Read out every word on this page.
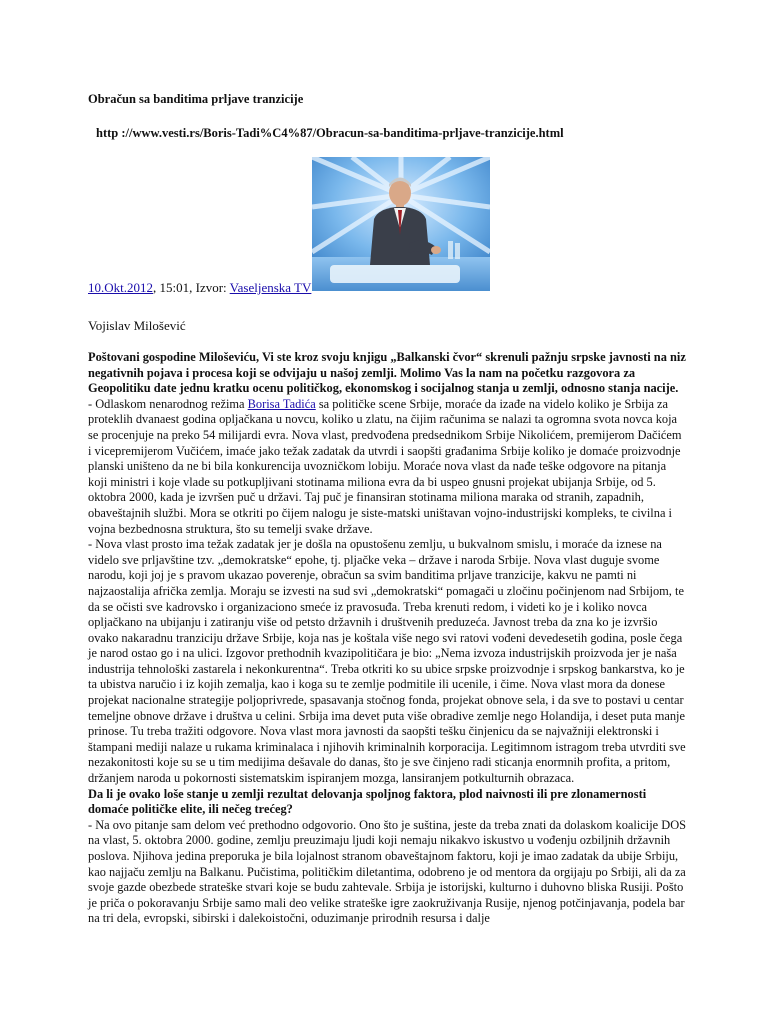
Obračun sa banditima prljave tranzicije
http ://www.vesti.rs/Boris-Tadi%C4%87/Obracun-sa-banditima-prljave-tranzicije.html
10.Okt.2012, 15:01, Izvor: Vaseljenska TV
Vojislav Milošević

Poštovani gospodine Miloševiću, Vi ste kroz svoju knjigu „Balkanski čvor“ skrenuli pažnju srpske javnosti na niz negativnih pojava i procesa koji se odvijaju u našoj zemlji. Molimo Vas la nam na početku razgovora za Geopolitiku date jednu kratku ocenu političkog, ekonomskog i socijalnog stanja u zemlji, odnosno stanja nacije.

- Odlaskom nenarodnog režima Borisa Tadića sa političke scene Srbije, moraće da izađe na videlo koliko je Srbija za proteklih dvanaest godina opljačkana u novcu, koliko u zlatu, na čijim računima se nalazi ta ogromna svota novca koja se procenjuje na preko 54 milijardi evra. Nova vlast, predvođena predsednikom Srbije Nikolićem, premijerom Dačićem i vicepremijerom Vučićem, imaće jako težak zadatak da utvrdi i saopšti građanima Srbije koliko je domaće proizvodnje planski uništeno da ne bi bila konkurencija uvozničkom lobiju. Moraće nova vlast da nađe teške odgovore na pitanja koji ministri i koje vlade su potkupljivani stotinama miliona evra da bi uspeo gnusni projekat ubijanja Srbije, od 5. oktobra 2000, kada je izvršen puč u državi. Taj puč je finansiran stotinama miliona maraka od stranih, zapadnih, obaveštajnih službi. Mora se otkriti po čijem nalogu je siste-matski uništavan vojno-industrijski kompleks, te civilna i vojna bezbednosna struktura, što su temelji svake države.

- Nova vlast prosto ima težak zadatak jer je došla na opustošenu zemlju, u bukvalnom smislu, i moraće da iznese na videlo sve prljavštine tzv. „demokratske“ epohe, tj. pljačke veka – države i naroda Srbije. Nova vlast duguje svome narodu, koji joj je s pravom ukazao poverenje, obračun sa svim banditima prljave tranzicije, kakvu ne pamti ni najzaostalija afrička zemlja. Moraju se izvesti na sud svi „demokratski“ pomagači u zločinu počinjenom nad Srbijom, te da se očisti sve kadrovsko i organizaciono smeće iz pravosuđa. Treba krenuti redom, i videti ko je i koliko novca opljačkano na ubijanju i zatiranju više od petsto državnih i društvenih preduzeća. Javnost treba da zna ko je izvršio ovako nakaradnu tranziciju države Srbije, koja nas je koštala više nego svi ratovi vođeni devedesetih godina, posle čega je narod ostao go i na ulici. Izgovor prethodnih kvazipolitičara je bio: „Nema izvoza industrijskih proizvoda jer je naša industrija tehnološki zastarela i nekonkurentna“. Treba otkriti ko su ubice srpske proizvodnje i srpskog bankarstva, ko je ta ubistva naručio i iz kojih zemalja, kao i koga su te zemlje podmitile ili ucenile, i čime. Nova vlast mora da donese projekat nacionalne strategije poljoprivrede, spasavanja stočnog fonda, projekat obnove sela, i da sve to postavi u centar temeljne obnove države i društva u celini. Srbija ima devet puta više obradive zemlje nego Holandija, i deset puta manje prinose. Tu treba tražiti odgovore. Nova vlast mora javnosti da saopšti tešku činjenicu da se najvažniji elektronski i štampani mediji nalaze u rukama kriminalaca i njihovih kriminalnih korporacija. Legitimnom istragom treba utvrditi sve nezakonitosti koje su se u tim medijima dešavale do danas, što je sve činjeno radi sticanja enormnih profita, a pritom, držanjem naroda u pokornosti sistematskim ispiranjem mozga, lansiranjem potkulturnih obrazaca.

Da li je ovako loše stanje u zemlji rezultat delovanja spoljnog faktora, plod naivnosti ili pre zlonamernosti domaće političke elite, ili nečeg trećeg?

- Na ovo pitanje sam delom već prethodno odgovorio. Ono što je suština, jeste da treba znati da dolaskom koalicije DOS na vlast, 5. oktobra 2000. godine, zemlju preuzimaju ljudi koji nemaju nikakvo iskustvo u vođenju ozbiljnih državnih poslova. Njihova jedina preporuka je bila lojalnost stranom obaveštajnom faktoru, koji je imao zadatak da ubije Srbiju, kao najjaču zemlju na Balkanu. Pučistima, političkim diletantima, odobreno je od mentora da orgijaju po Srbiji, ali da za svoje gazde obezbede strateške stvari koje se budu zahtevale. Srbija je istorijski, kulturno i duhovno bliska Rusiji. Pošto je priča o pokoravanju Srbije samo mali deo velike strateške igre zaokruživanja Rusije, njenog potčinjavanja, podela bar na tri dela, evropski, sibirski i dalekoistočni, oduzimanje prirodnih resursa i dalje
